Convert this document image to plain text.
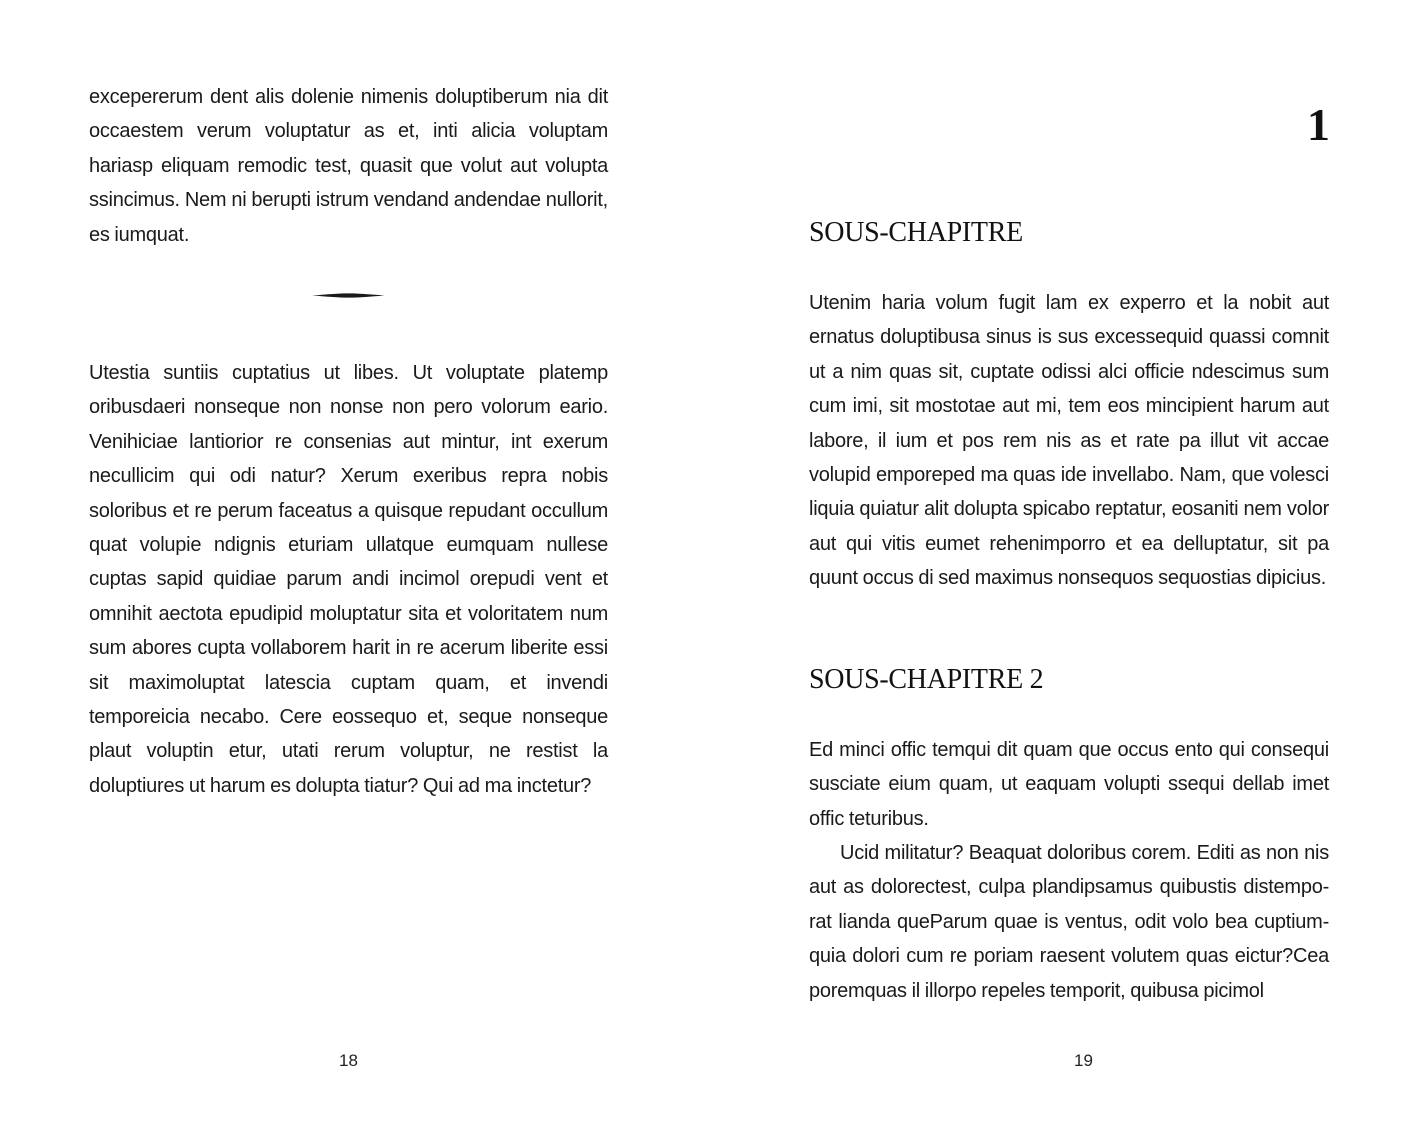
excepererum dent alis dolenie nimenis doluptiberum nia dit occaestem verum voluptatur as et, inti alicia voluptam hariasp eliquam remodic test, quasit que volut aut volupta ssincimus. Nem ni berupti istrum vendand andendae nullorit, es iumquat.

Utestia suntiis cuptatius ut libes. Ut voluptate platemp oribusdaeri nonseque non nonse non pero volorum eario. Venihiciae lantiorior re consenias aut mintur, int exerum necullicim qui odi natur? Xerum exeribus repra nobis soloribus et re perum faceatus a quisque repudant occullum quat volupie ndignis eturiam ullatque eumquam nullese cuptas sapid quidiae parum andi incimol orepudi vent et omnihit aectota epudipid moluptatur sita et voloritatem num sum abores cupta vollaborem harit in re acerum liberite essi sit maximoluptat latescia cuptam quam, et invendi temporeicia necabo. Cere eossequo et, seque nonseque plaut voluptin etur, utati rerum voluptur, ne restist la doluptiures ut harum es dolupta tiatur? Qui ad ma inctetur?

18
1
SOUS-CHAPITRE

Utenim haria volum fugit lam ex experro et la nobit aut ernatus doluptibusa sinus is sus excessequid quassi comnit ut a nim quas sit, cuptate odissi alci officie ndescimus sum cum imi, sit mostotae aut mi, tem eos mincipient harum aut labore, il ium et pos rem nis as et rate pa illut vit accae volupid emporeped ma quas ide invellabo. Nam, que volesci liquia quiatur alit dolupta spicabo reptatur, eosaniti nem volor aut qui vitis eumet rehenimporro et ea delluptatur, sit pa quunt occus di sed maximus nonsequos sequostias dipicius.

SOUS-CHAPITRE 2

Ed minci offic temqui dit quam que occus ento qui consequi susciate eium quam, ut eaquam volupti ssequi dellab imet offic teturibus.

Ucid militatur? Beaquat doloribus corem. Editi as non nis aut as dolorectest, culpa plandipsamus quibustis distempo-rat lianda queParum quae is ventus, odit volo bea cuptium-quia dolori cum re poriam raesent volutem quas eictur?Cea poremquas il illorpo repeles temporit, quibusa picimol

19
